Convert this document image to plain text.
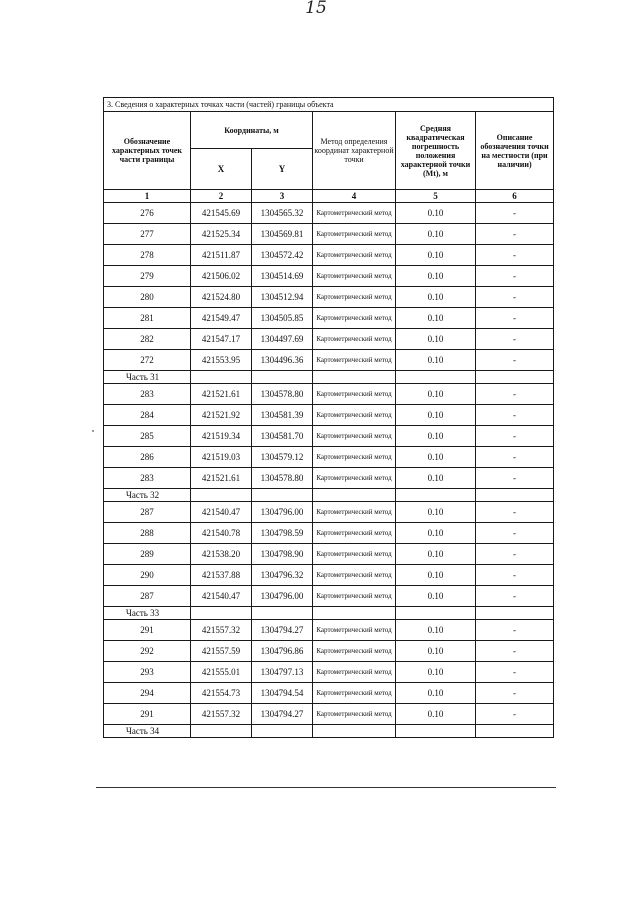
15
3. Сведения о характерных точках части (частей) границы объекта					
Обозначение характерных точек части границы	Координаты, м		Метод определения координат характерной точки	Средняя квадратическая погрешность положения характерной точки (Мt), м	Описание обозначения точки на местности (при наличии)
	X	Y			
1	2	3	4	5	6
276	421545.69	1304565.32	Картометрический метод	0.10	-
277	421525.34	1304569.81	Картометрический метод	0.10	-
278	421511.87	1304572.42	Картометрический метод	0.10	-
279	421506.02	1304514.69	Картометрический метод	0.10	-
280	421524.80	1304512.94	Картометрический метод	0.10	-
281	421549.47	1304505.85	Картометрический метод	0.10	-
282	421547.17	1304497.69	Картометрический метод	0.10	-
272	421553.95	1304496.36	Картометрический метод	0.10	-
Часть 31					
283	421521.61	1304578.80	Картометрический метод	0.10	-
284	421521.92	1304581.39	Картометрический метод	0.10	-
285	421519.34	1304581.70	Картометрический метод	0.10	-
286	421519.03	1304579.12	Картометрический метод	0.10	-
283	421521.61	1304578.80	Картометрический метод	0.10	-
Часть 32					
287	421540.47	1304796.00	Картометрический метод	0.10	-
288	421540.78	1304798.59	Картометрический метод	0.10	-
289	421538.20	1304798.90	Картометрический метод	0.10	-
290	421537.88	1304796.32	Картометрический метод	0.10	-
287	421540.47	1304796.00	Картометрический метод	0.10	-
Часть 33					
291	421557.32	1304794.27	Картометрический метод	0.10	-
292	421557.59	1304796.86	Картометрический метод	0.10	-
293	421555.01	1304797.13	Картометрический метод	0.10	-
294	421554.73	1304794.54	Картометрический метод	0.10	-
291	421557.32	1304794.27	Картометрический метод	0.10	-
Часть 34					
